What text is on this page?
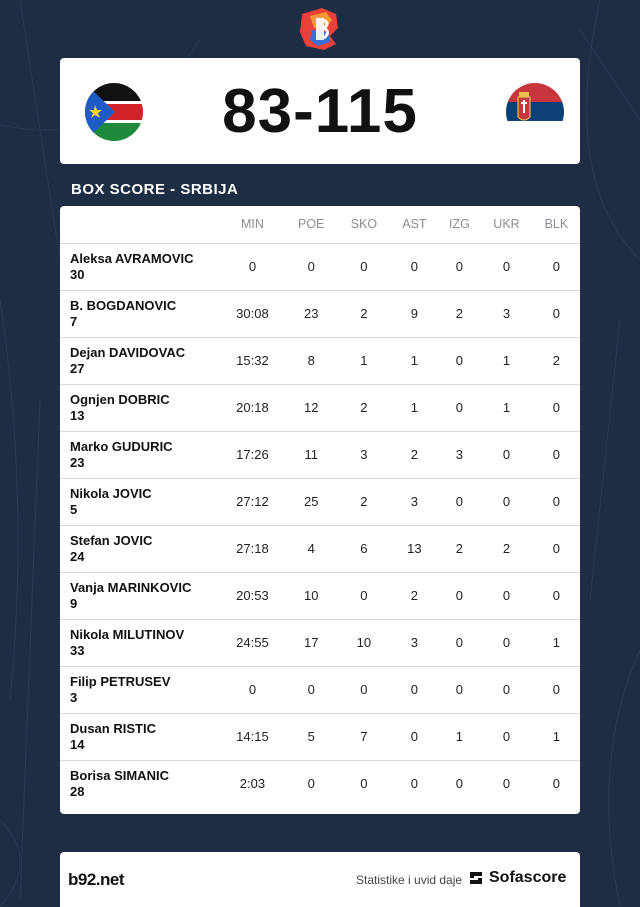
83-115
BOX SCORE - SRBIJA
	MIN	POE	SKO	AST	IZG	UKR	BLK

Aleksa AVRAMOVIC
30	0	0	0	0	0	0	0

B. BOGDANOVIC
7	30:08	23	2	9	2	3	0

Dejan DAVIDOVAC
27	15:32	8	1	1	0	1	2

Ognjen DOBRIC
13	20:18	12	2	1	0	1	0

Marko GUDURIC
23	17:26	11	3	2	3	0	0

Nikola JOVIC
5	27:12	25	2	3	0	0	0

Stefan JOVIC
24	27:18	4	6	13	2	2	0

Vanja MARINKOVIC
9	20:53	10	0	2	0	0	0

Nikola MILUTINOV
33	24:55	17	10	3	0	0	1

Filip PETRUSEV
3	0	0	0	0	0	0	0

Dusan RISTIC
14	14:15	5	7	0	1	0	1

Borisa SIMANIC
28	2:03	0	0	0	0	0	0
b92.net	Statistike i uvid daje Sofascore
